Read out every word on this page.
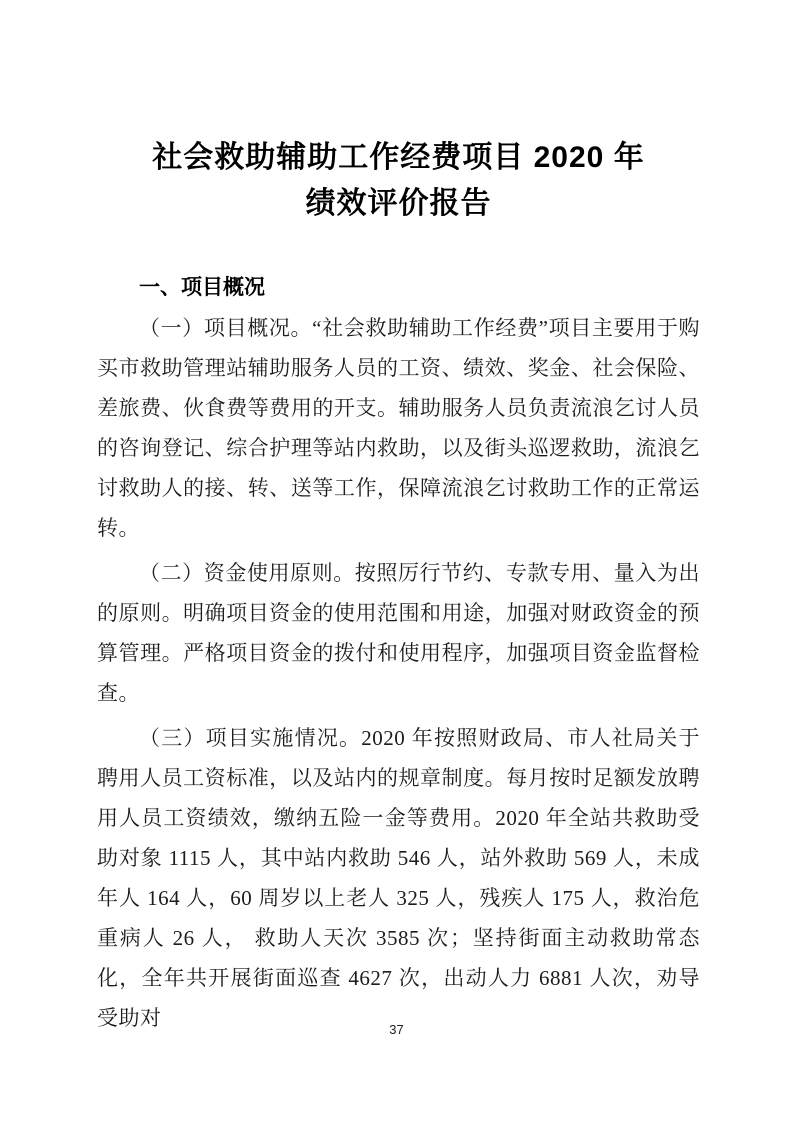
社会救助辅助工作经费项目 2020 年
绩效评价报告
一、项目概况

（一）项目概况。“社会救助辅助工作经费”项目主要用于购买市救助管理站辅助服务人员的工资、绩效、奖金、社会保险、差旅费、伙食费等费用的开支。辅助服务人员负责流浪乞讨人员的咨询登记、综合护理等站内救助，以及街头巡逻救助，流浪乞讨救助人的接、转、送等工作，保障流浪乞讨救助工作的正常运转。

（二）资金使用原则。按照厉行节约、专款专用、量入为出的原则。明确项目资金的使用范围和用途，加强对财政资金的预算管理。严格项目资金的拨付和使用程序，加强项目资金监督检查。

（三）项目实施情况。2020 年按照财政局、市人社局关于聘用人员工资标准，以及站内的规章制度。每月按时足额发放聘用人员工资绩效，缴纳五险一金等费用。2020 年全站共救助受助对象 1115 人，其中站内救助 546 人，站外救助 569 人，未成年人 164 人，60 周岁以上老人 325 人，残疾人 175 人，救治危重病人 26 人， 救助人天次 3585 次；坚持街面主动救助常态化，全年共开展街面巡查 4627 次，出动人力 6881 人次，劝导受助对	37
